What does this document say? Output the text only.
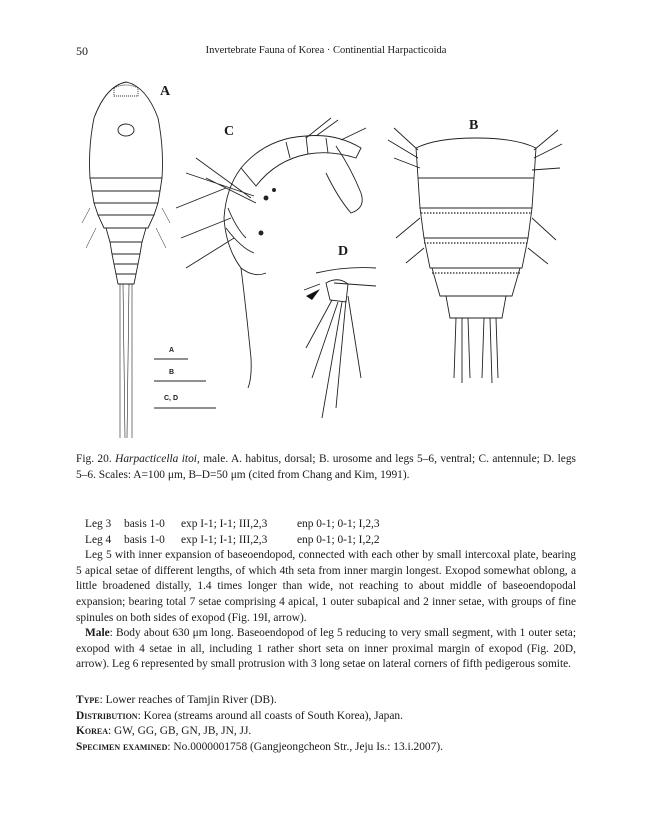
50	Invertebrate Fauna of Korea · Continential Harpacticoida
A
B
C
D
A
B
C, D
Fig. 20. Harpacticella itoi, male. A. habitus, dorsal; B. urosome and legs 5–6, ventral; C. antennule; D. legs 5–6. Scales: A=100 μm, B–D=50 μm (cited from Chang and Kim, 1991).
Leg 3	basis 1-0	exp I-1; I-1; III,2,3	enp 0-1; 0-1; I,2,3
Leg 4	basis 1-0	exp I-1; I-1; III,2,3	enp 0-1; 0-1; I,2,2

Leg 5 with inner expansion of baseoendopod, connected with each other by small intercoxal plate, bearing 5 apical setae of different lengths, of which 4th seta from inner margin longest. Exopod somewhat oblong, a little broadened distally, 1.4 times longer than wide, not reaching to about middle of baseoendopodal expansion; bearing total 7 setae comprising 4 apical, 1 outer subapical and 2 inner setae, with groups of fine spinules on both sides of exopod (Fig. 19I, arrow).

Male: Body about 630 μm long. Baseoendopod of leg 5 reducing to very small segment, with 1 outer seta; exopod with 4 setae in all, including 1 rather short seta on inner proximal margin of exopod (Fig. 20D, arrow). Leg 6 represented by small protrusion with 3 long setae on lateral corners of fifth pedigerous somite.

Type: Lower reaches of Tamjin River (DB).
Distribution: Korea (streams around all coasts of South Korea), Japan.
Korea: GW, GG, GB, GN, JB, JN, JJ.
Specimen examined: No.0000001758 (Gangjeongcheon Str., Jeju Is.: 13.i.2007).
